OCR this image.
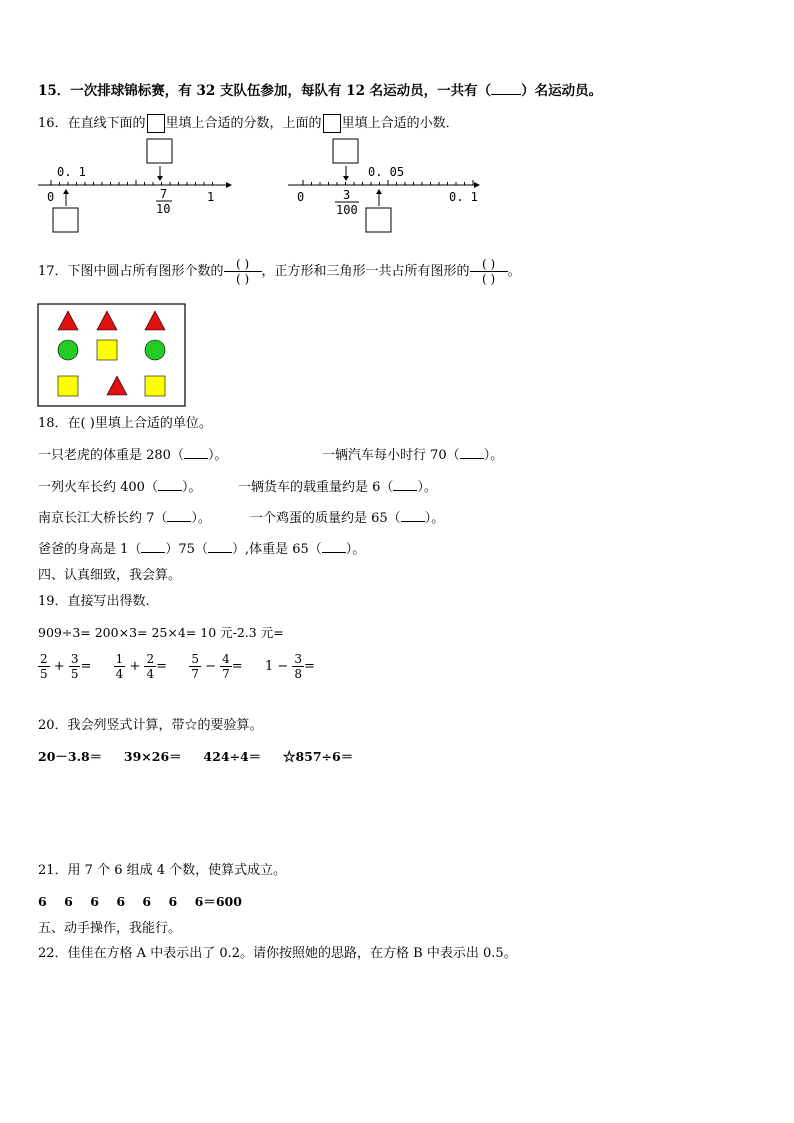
15．一次排球锦标赛，有 32 支队伍参加，每队有 12 名运动员，一共有（ ）名运动员。
16．在直线下面的 里填上合适的分数，上面的 里填上合适的小数．
0. 1
0	1
7
10
0. 05
0	0. 1
3
100
17．下图中圆占所有图形个数的 $\frac{( )}{( )}$ ，正方形和三角形一共占所有图形的 $\frac{( )}{( )}$ 。
18．在( )里填上合适的单位。
一只老虎的体重是 280（ ）。	一辆汽车每小时行 70（ ）。
一列火车长约 400（ ）。	一辆货车的载重量约是 6（ ）。
南京长江大桥长约 7（ ）。	一个鸡蛋的质量约是 65（ ）。
爸爸的身高是 1（ ）75（ ）,体重是 65（ ）。
四、认真细致，我会算。
19．直接写出得数.
909÷3= 200×3= 25×4= 10 元-2.3 元=
$\frac{2}{5} + \frac{3}{5} = \frac{1}{4} + \frac{2}{4} = \frac{5}{7} - \frac{4}{7} = 1 - \frac{3}{8}$ =
20．我会列竖式计算，带☆的要验算。
20－3.8＝     39×26＝     424÷4＝     ☆857÷6＝
21．用 7 个 6 组成 4 个数，使算式成立。
6    6    6    6    6    6    6＝600
五、动手操作，我能行。
22．佳佳在方格 A 中表示出了 0.2。请你按照她的思路，在方格 B 中表示出 0.5。
